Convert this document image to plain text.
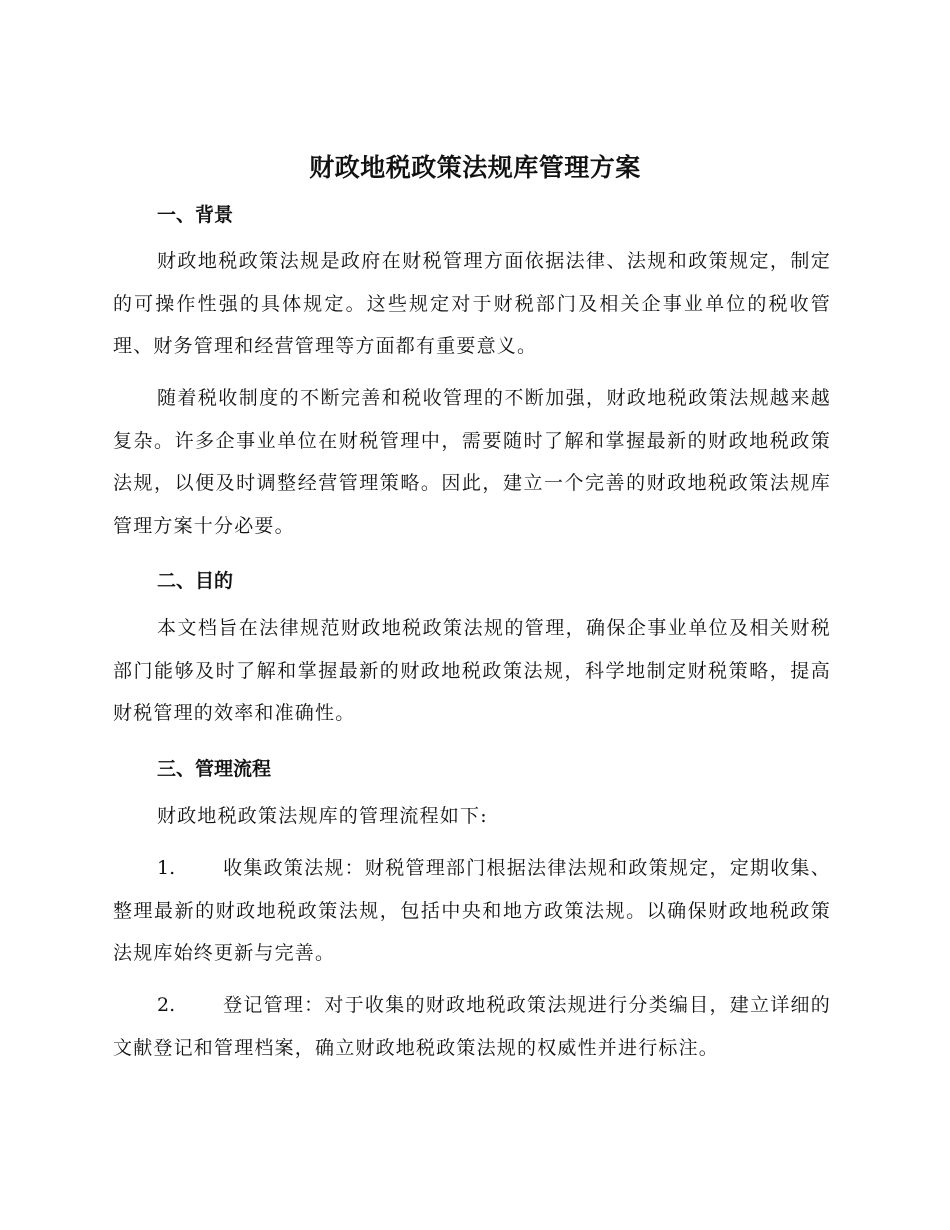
财政地税政策法规库管理方案
一、背景

财政地税政策法规是政府在财税管理方面依据法律、法规和政策规定，制定的可操作性强的具体规定。这些规定对于财税部门及相关企事业单位的税收管理、财务管理和经营管理等方面都有重要意义。

随着税收制度的不断完善和税收管理的不断加强，财政地税政策法规越来越复杂。许多企事业单位在财税管理中，需要随时了解和掌握最新的财政地税政策法规，以便及时调整经营管理策略。因此，建立一个完善的财政地税政策法规库管理方案十分必要。

二、目的

本文档旨在法律规范财政地税政策法规的管理，确保企事业单位及相关财税部门能够及时了解和掌握最新的财政地税政策法规，科学地制定财税策略，提高财税管理的效率和准确性。

三、管理流程

财政地税政策法规库的管理流程如下:

1.	收集政策法规：财税管理部门根据法律法规和政策规定，定期收集、整理最新的财政地税政策法规，包括中央和地方政策法规。以确保财政地税政策法规库始终更新与完善。

2.	登记管理：对于收集的财政地税政策法规进行分类编目，建立详细的文献登记和管理档案，确立财政地税政策法规的权威性并进行标注。
